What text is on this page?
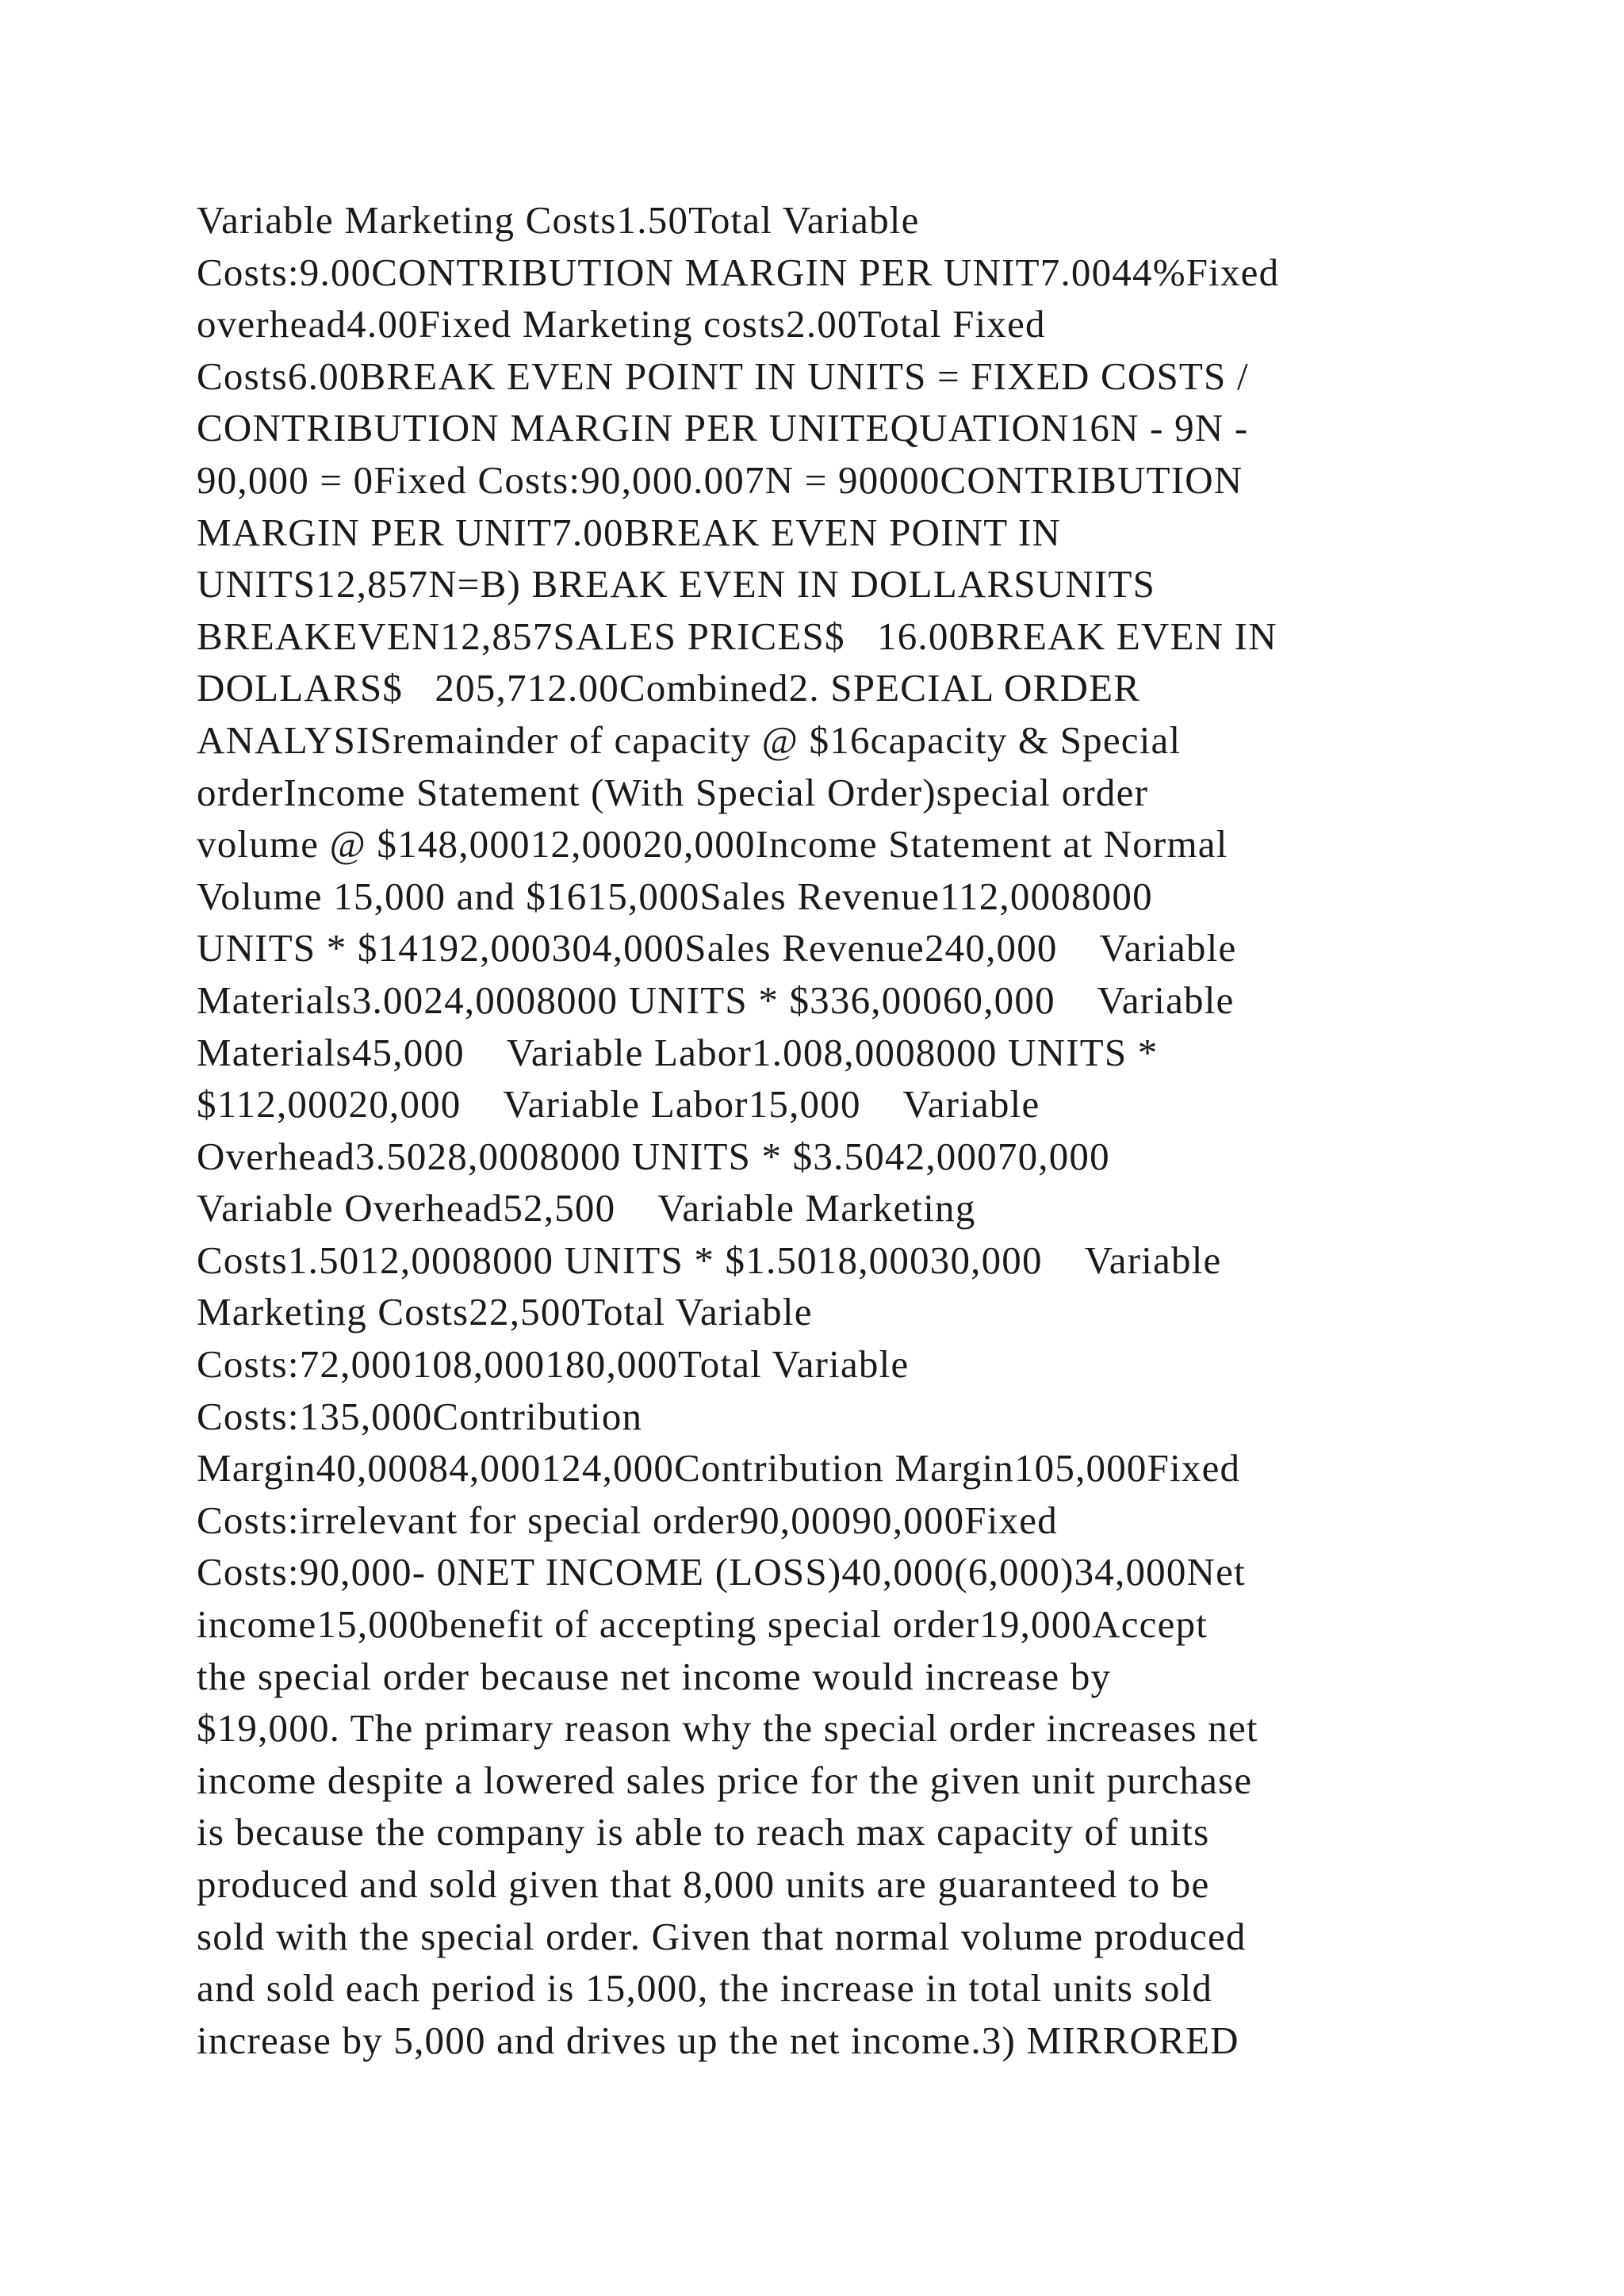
Variable Marketing Costs1.50Total Variable
Costs:9.00CONTRIBUTION MARGIN PER UNIT7.0044%Fixed
overhead4.00Fixed Marketing costs2.00Total Fixed
Costs6.00BREAK EVEN POINT IN UNITS = FIXED COSTS /
CONTRIBUTION MARGIN PER UNITEQUATION16N - 9N -
90,000 = 0Fixed Costs:90,000.007N = 90000CONTRIBUTION
MARGIN PER UNIT7.00BREAK EVEN POINT IN
UNITS12,857N=B) BREAK EVEN IN DOLLARSUNITS
BREAKEVEN12,857SALES PRICES$   16.00BREAK EVEN IN
DOLLARS$   205,712.00Combined2. SPECIAL ORDER
ANALYSISremainder of capacity @ $16capacity & Special
orderIncome Statement (With Special Order)special order
volume @ $148,00012,00020,000Income Statement at Normal
Volume 15,000 and $1615,000Sales Revenue112,0008000
UNITS * $14192,000304,000Sales Revenue240,000    Variable
Materials3.0024,0008000 UNITS * $336,00060,000    Variable
Materials45,000    Variable Labor1.008,0008000 UNITS *
$112,00020,000    Variable Labor15,000    Variable
Overhead3.5028,0008000 UNITS * $3.5042,00070,000
Variable Overhead52,500    Variable Marketing
Costs1.5012,0008000 UNITS * $1.5018,00030,000    Variable
Marketing Costs22,500Total Variable
Costs:72,000108,000180,000Total Variable
Costs:135,000Contribution
Margin40,00084,000124,000Contribution Margin105,000Fixed
Costs:irrelevant for special order90,00090,000Fixed
Costs:90,000- 0NET INCOME (LOSS)40,000(6,000)34,000Net
income15,000benefit of accepting special order19,000Accept
the special order because net income would increase by
$19,000. The primary reason why the special order increases net
income despite a lowered sales price for the given unit purchase
is because the company is able to reach max capacity of units
produced and sold given that 8,000 units are guaranteed to be
sold with the special order. Given that normal volume produced
and sold each period is 15,000, the increase in total units sold
increase by 5,000 and drives up the net income.3) MIRRORED
